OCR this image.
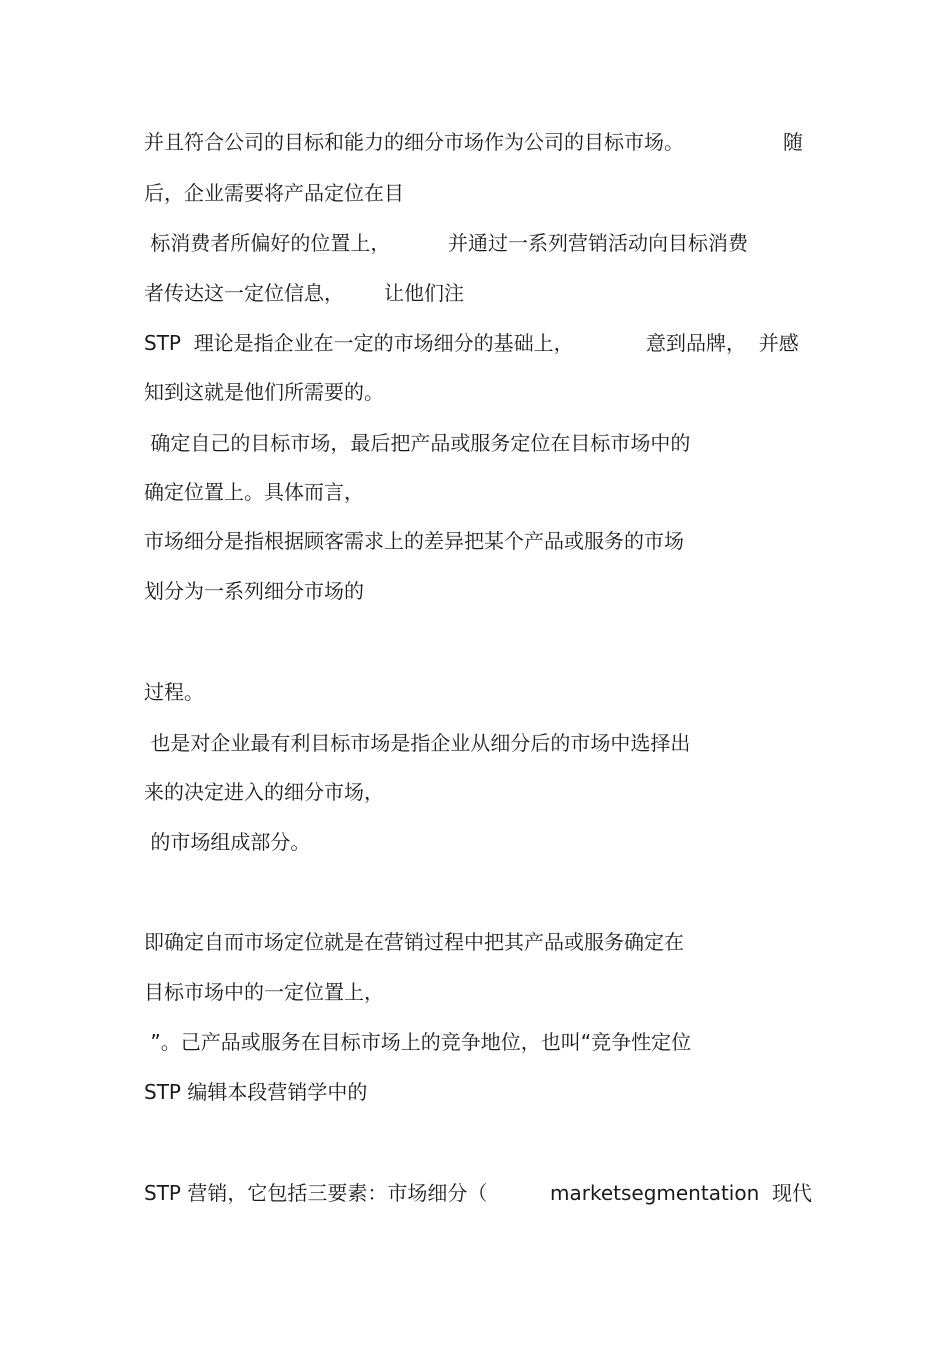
并且符合公司的目标和能力的细分市场作为公司的目标市场。	随

后，企业需要将产品定位在目

标消费者所偏好的位置上，	并通过一系列营销活动向目标消费

者传达这一定位信息， 让他们注

STP  理论是指企业在一定的市场细分的基础上，	意到品牌，  并感

知到这就是他们所需要的。

确定自己的目标市场，最后把产品或服务定位在目标市场中的

确定位置上。具体而言，

市场细分是指根据顾客需求上的差异把某个产品或服务的市场

划分为一系列细分市场的

过程。

也是对企业最有利目标市场是指企业从细分后的市场中选择出

来的决定进入的细分市场，

的市场组成部分。

即确定自而市场定位就是在营销过程中把其产品或服务确定在

目标市场中的一定位置上，

”。己产品或服务在目标市场上的竞争地位，也叫“竞争性定位

STP 编辑本段营销学中的

STP 营销，它包括三要素：市场细分（	marketsegmentation  现代
